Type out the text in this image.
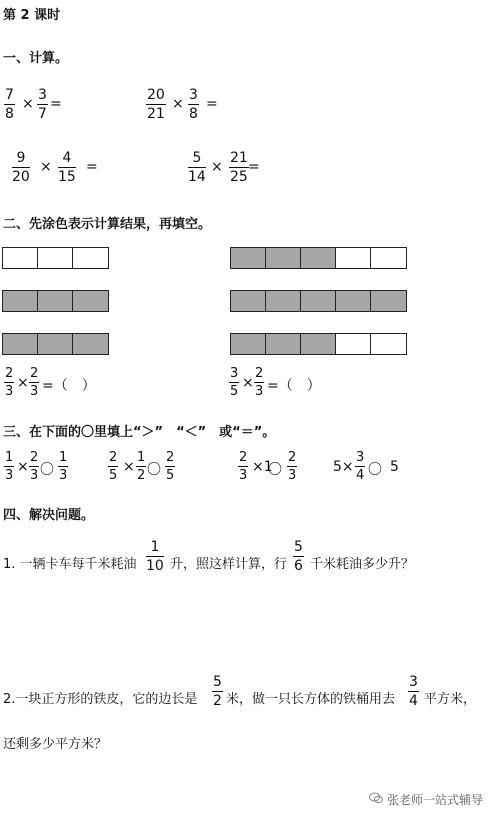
第 2 课时
一、计算。
7
8
×
3
7
=
20
21
×
3
8
=
9
20
×
4
15
=
5
14
×
21
25
=
二、先涂色表示计算结果，再填空。
2
3
×
2
3 =（　）
3
5
×
2
3 =（　）
三、在下面的〇里填上“＞”　“＜”　或“＝”。
1
3
×
2
3 〇
1
3
2
5
×
1
2 〇
2
5
2
3
×1
〇
2
3
5×
3
4 〇 5
四、解决问题。
1. 一辆卡车每千米耗油
1
10 升，照这样计算，行
5
6 千米耗油多少升？
2.一块正方形的铁皮，它的边长是
5
2 米，做一只长方体的铁桶用去
3
4 平方米，
还剩多少平方米？
张老师一站式辅导
